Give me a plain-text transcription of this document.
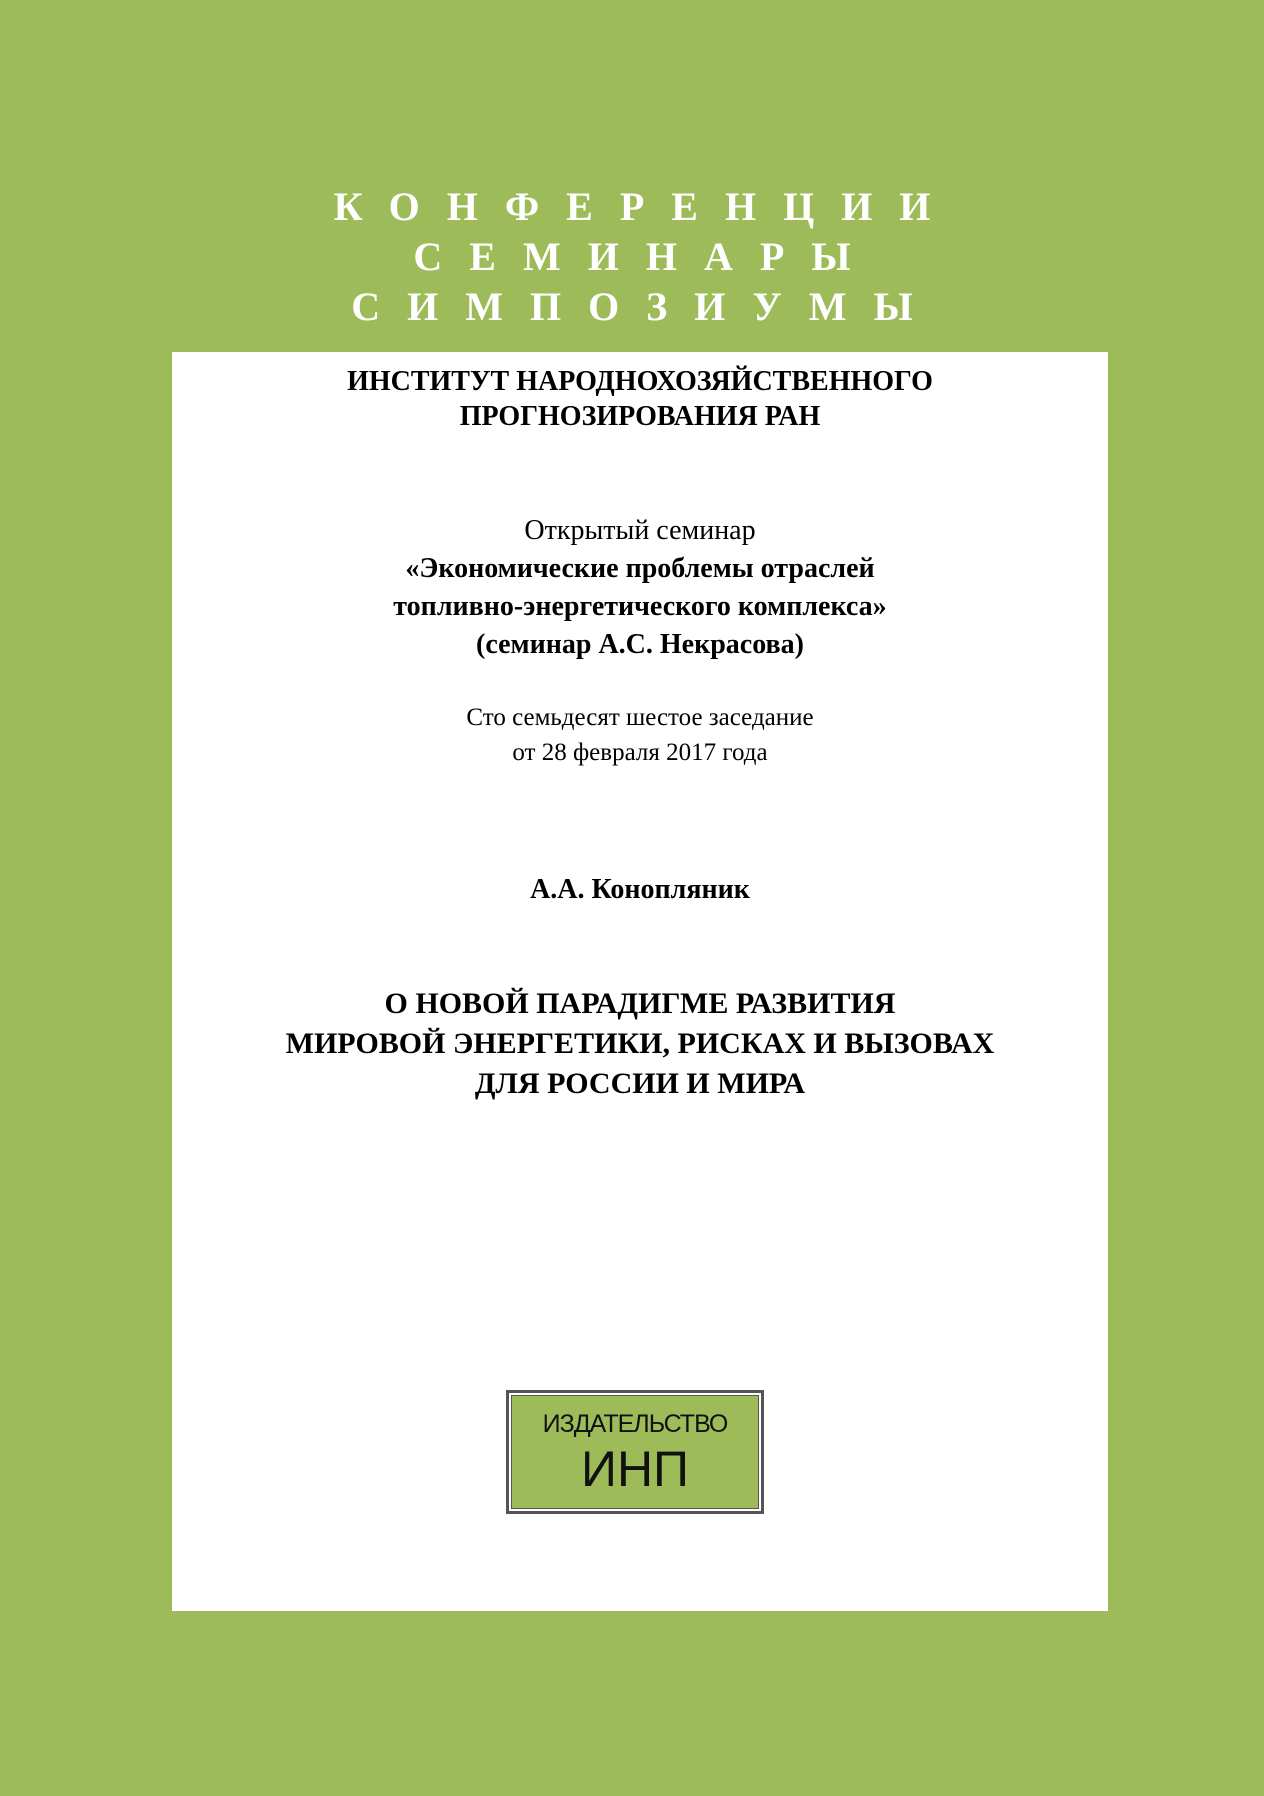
КОНФЕРЕНЦИИ
СЕМИНАРЫ
СИМПОЗИУМЫ
ИНСТИТУТ НАРОДНОХОЗЯЙСТВЕННОГО
ПРОГНОЗИРОВАНИЯ РАН
Открытый семинар
«Экономические проблемы отраслей
топливно-энергетического комплекса»
(семинар А.С. Некрасова)
Сто семьдесят шестое заседание
от 28 февраля 2017 года
А.А. Конопляник
О НОВОЙ ПАРАДИГМЕ РАЗВИТИЯ
МИРОВОЙ ЭНЕРГЕТИКИ, РИСКАХ И ВЫЗОВАХ
ДЛЯ РОССИИ И МИРА
ИЗДАТЕЛЬСТВО
ИНП
